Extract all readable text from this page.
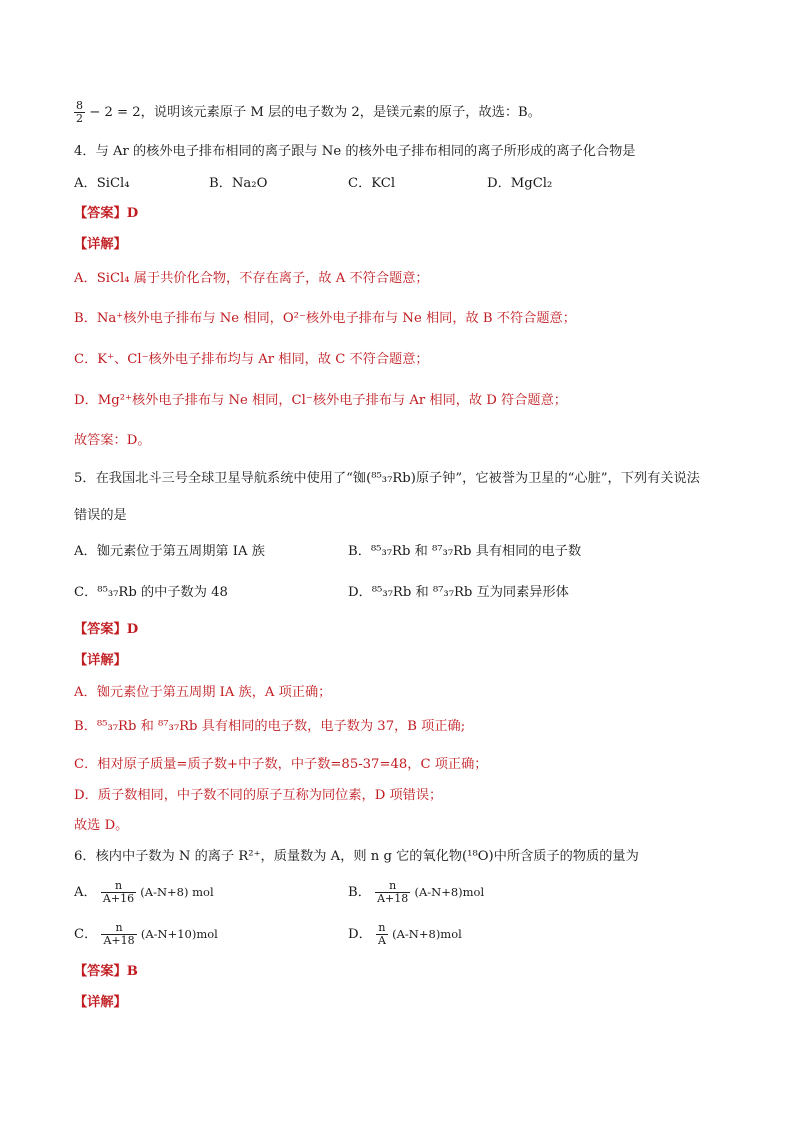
$\frac{8}{2} - 2 = 2$，说明该元素原子 M 层的电子数为 2，是镁元素的原子，故选：B。
4．与 Ar 的核外电子排布相同的离子跟与 Ne 的核外电子排布相同的离子所形成的离子化合物是
A．SiCl₄	B．Na₂O	C．KCl	D．MgCl₂
【答案】D
【详解】
A．SiCl₄ 属于共价化合物，不存在离子，故 A 不符合题意；
B．Na⁺核外电子排布与 Ne 相同，O²⁻核外电子排布与 Ne 相同，故 B 不符合题意；
C．K⁺、Cl⁻核外电子排布均与 Ar 相同，故 C 不符合题意；
D．Mg²⁺核外电子排布与 Ne 相同，Cl⁻核外电子排布与 Ar 相同，故 D 符合题意；
故答案：D。
5．在我国北斗三号全球卫星导航系统中使用了“铷(⁸⁵₃₇Rb)原子钟”，它被誉为卫星的“心脏”，下列有关说法
错误的是
A．铷元素位于第五周期第 IA 族	B．⁸⁵₃₇Rb 和 ⁸⁷₃₇Rb 具有相同的电子数
C．⁸⁵₃₇Rb 的中子数为 48	D．⁸⁵₃₇Rb 和 ⁸⁷₃₇Rb 互为同素异形体
【答案】D
【详解】
A．铷元素位于第五周期 IA 族，A 项正确；
B．⁸⁵₃₇Rb 和 ⁸⁷₃₇Rb 具有相同的电子数，电子数为 37，B 项正确;
C．相对原子质量=质子数+中子数，中子数=85-37=48，C 项正确；
D．质子数相同，中子数不同的原子互称为同位素，D 项错误；
故选 D。
6．核内中子数为 N 的离子 R²⁺，质量数为 A，则 n g 它的氧化物(¹⁸O)中所含质子的物质的量为
A． $\frac{n}{A+16} (A-N+8)$ mol	B． $\frac{n}{A+18} (A-N+8)mol$
C． $\frac{n}{A+18} (A-N+10)mol$	D． $\frac{n}{A} (A-N+8)mol$
【答案】B
【详解】
